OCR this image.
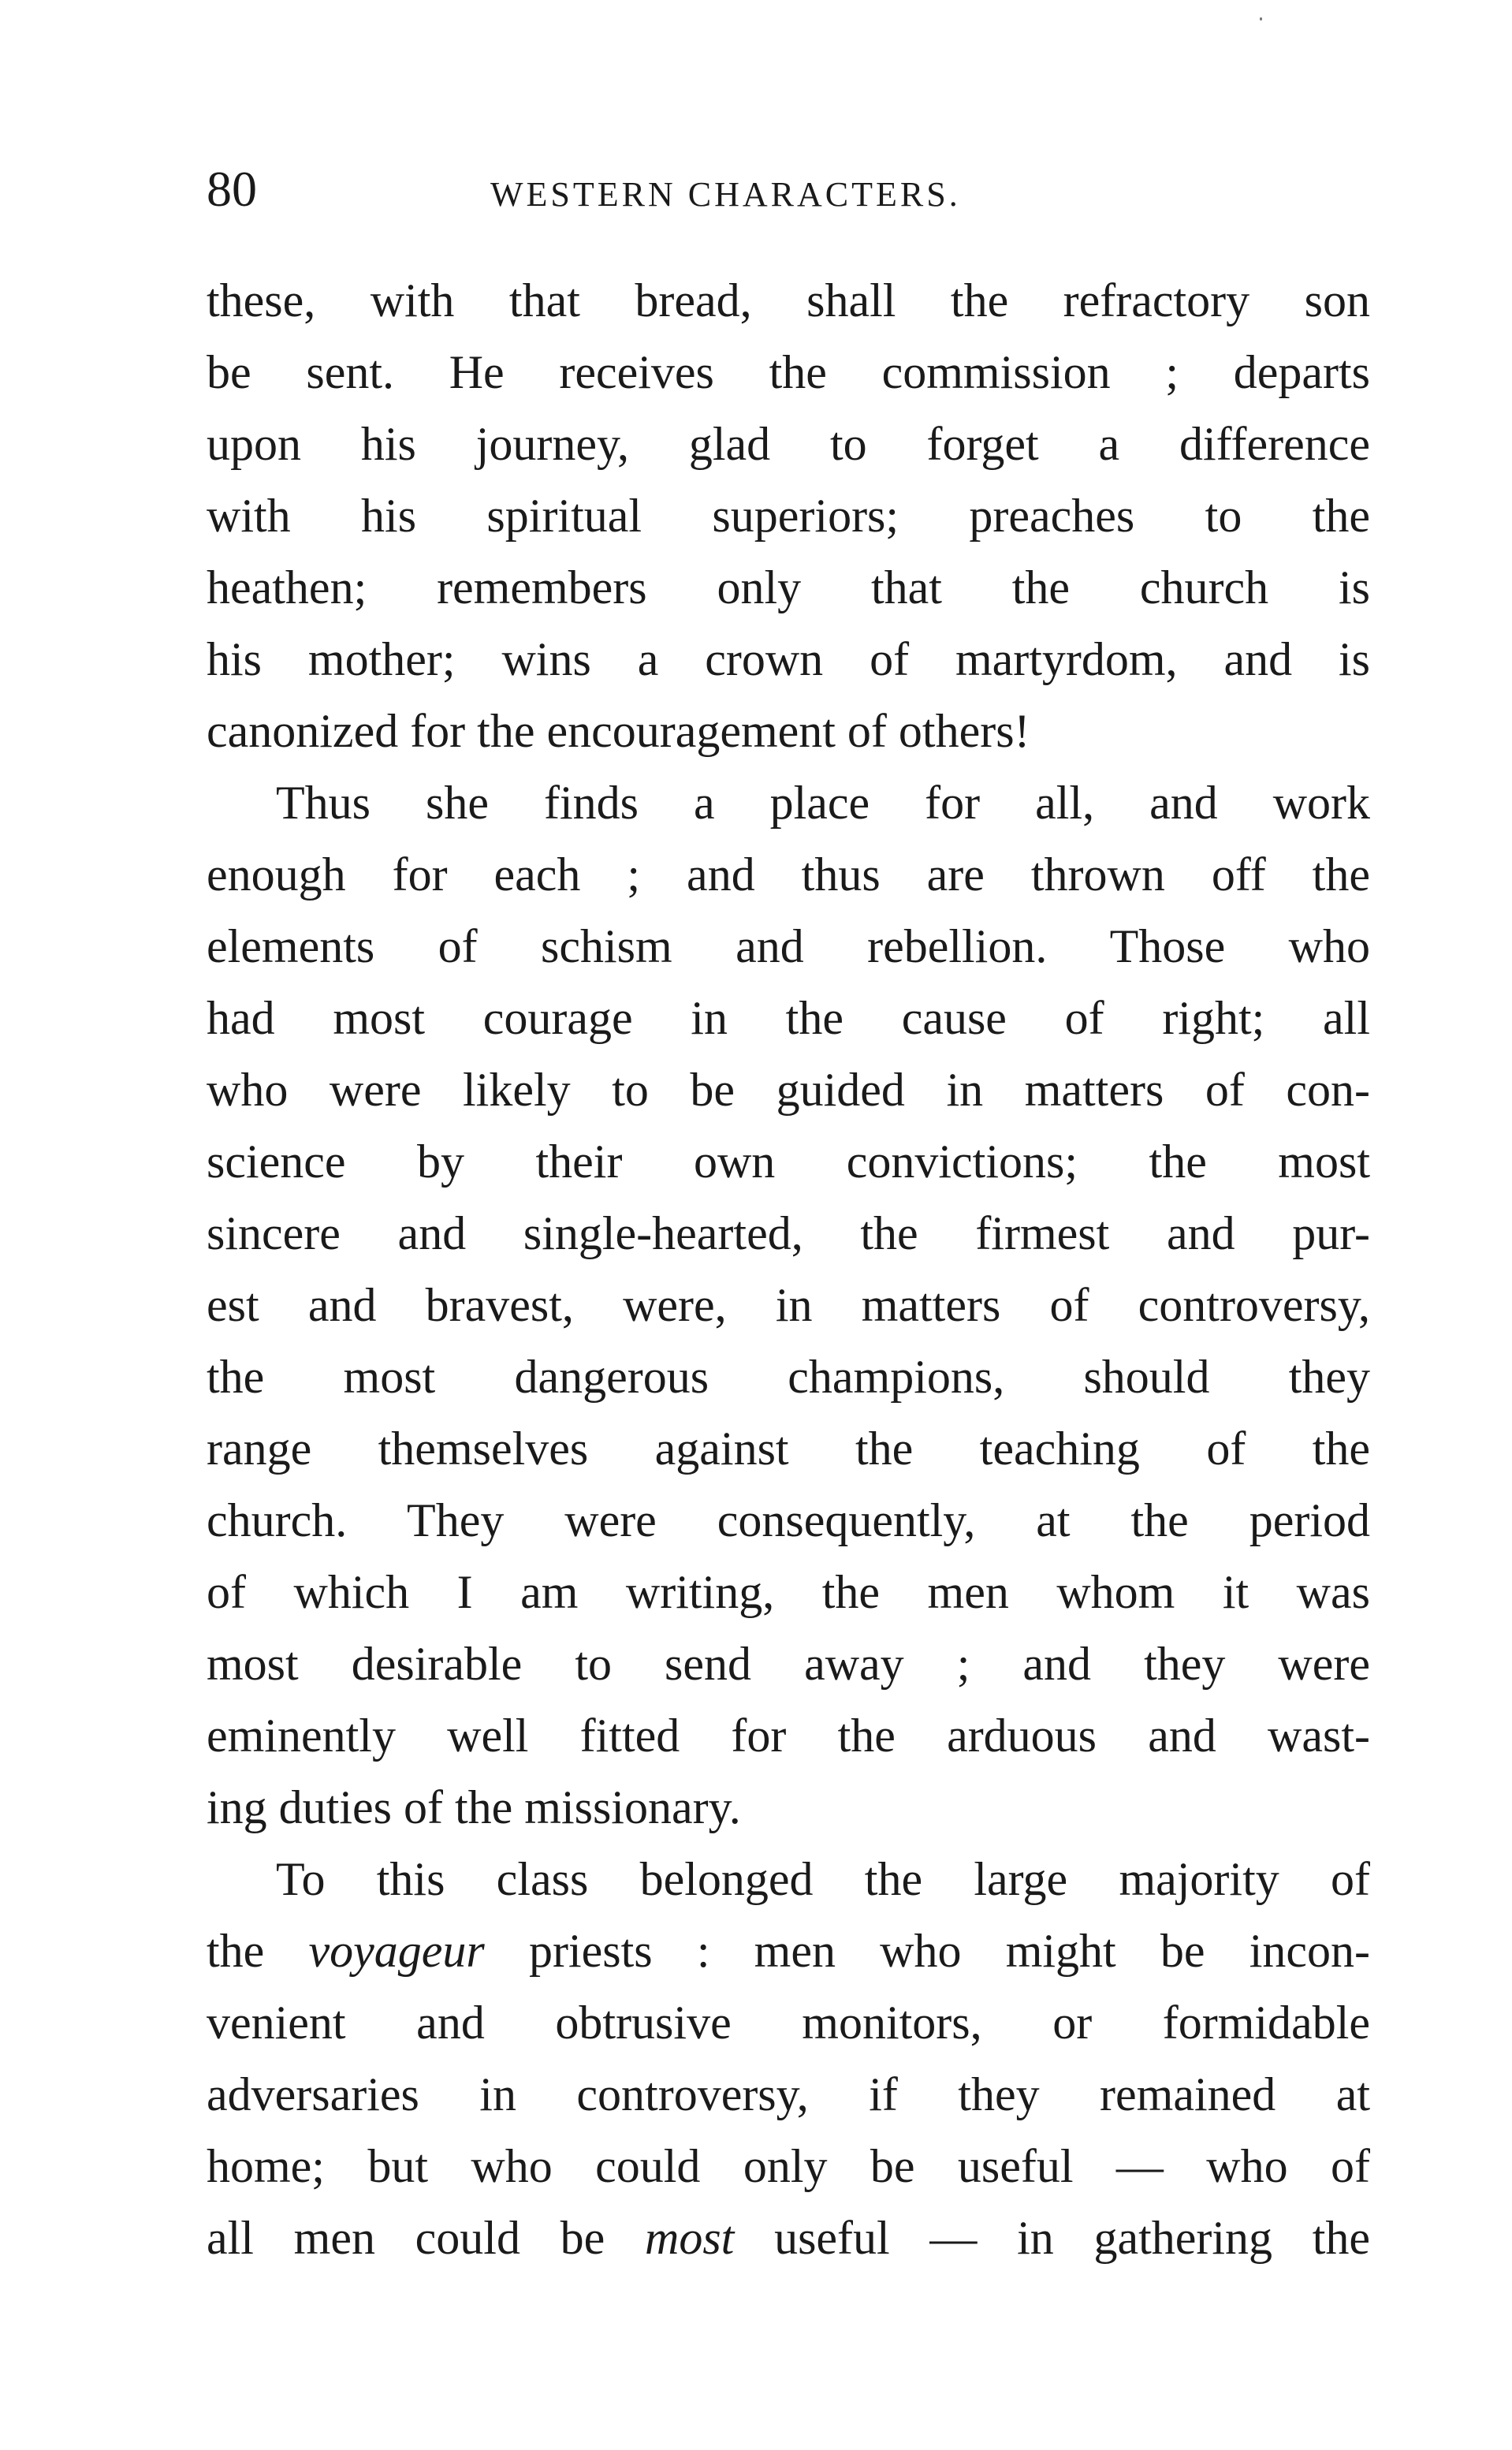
80	WESTERN CHARACTERS.
these, with that bread, shall the refractory son
be sent. He receives the commission ; departs
upon his journey, glad to forget a difference
with his spiritual superiors; preaches to the
heathen; remembers only that the church is
his mother; wins a crown of martyrdom, and is
canonized for the encouragement of others!
Thus she finds a place for all, and work
enough for each ; and thus are thrown off the
elements of schism and rebellion. Those who
had most courage in the cause of right; all
who were likely to be guided in matters of con-
science by their own convictions; the most
sincere and single-hearted, the firmest and pur-
est and bravest, were, in matters of controversy,
the most dangerous champions, should they
range themselves against the teaching of the
church. They were consequently, at the period
of which I am writing, the men whom it was
most desirable to send away ; and they were
eminently well fitted for the arduous and wast-
ing duties of the missionary.
To this class belonged the large majority of
the voyageur priests : men who might be incon-
venient and obtrusive monitors, or formidable
adversaries in controversy, if they remained at
home; but who could only be useful — who of
all men could be most useful — in gathering the
